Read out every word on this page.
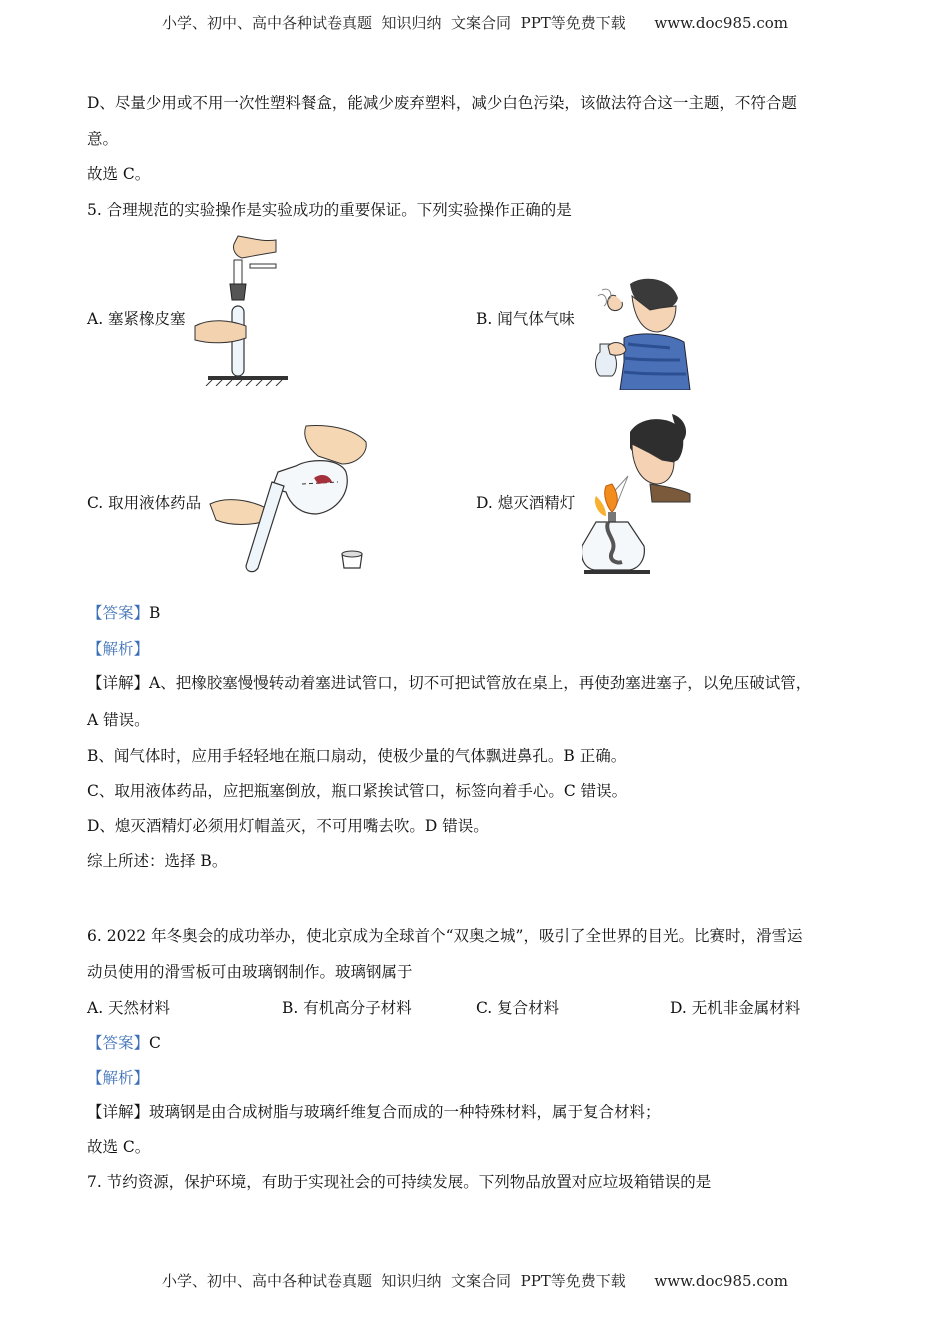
小学、初中、高中各种试卷真题  知识归纳  文案合同  PPT等免费下载      www.doc985.com
D、尽量少用或不用一次性塑料餐盒，能减少废弃塑料，减少白色污染，该做法符合这一主题，不符合题
意。
故选 C。
5. 合理规范的实验操作是实验成功的重要保证。下列实验操作正确的是
A. 塞紧橡皮塞	B. 闻气体气味
C. 取用液体药品	D. 熄灭酒精灯
【答案】B
【解析】
【详解】A、把橡胶塞慢慢转动着塞进试管口，切不可把试管放在桌上，再使劲塞进塞子，以免压破试管，
A 错误。
B、闻气体时，应用手轻轻地在瓶口扇动，使极少量的气体飘进鼻孔。B 正确。
C、取用液体药品，应把瓶塞倒放，瓶口紧挨试管口，标签向着手心。C 错误。
D、熄灭酒精灯必须用灯帽盖灭，不可用嘴去吹。D 错误。
综上所述：选择 B。
6. 2022 年冬奥会的成功举办，使北京成为全球首个“双奥之城”，吸引了全世界的目光。比赛时，滑雪运
动员使用的滑雪板可由玻璃钢制作。玻璃钢属于
A. 天然材料	B. 有机高分子材料	C. 复合材料	D. 无机非金属材料
【答案】C
【解析】
【详解】玻璃钢是由合成树脂与玻璃纤维复合而成的一种特殊材料，属于复合材料；
故选 C。
7. 节约资源，保护环境，有助于实现社会的可持续发展。下列物品放置对应垃圾箱错误的是
小学、初中、高中各种试卷真题  知识归纳  文案合同  PPT等免费下载      www.doc985.com
